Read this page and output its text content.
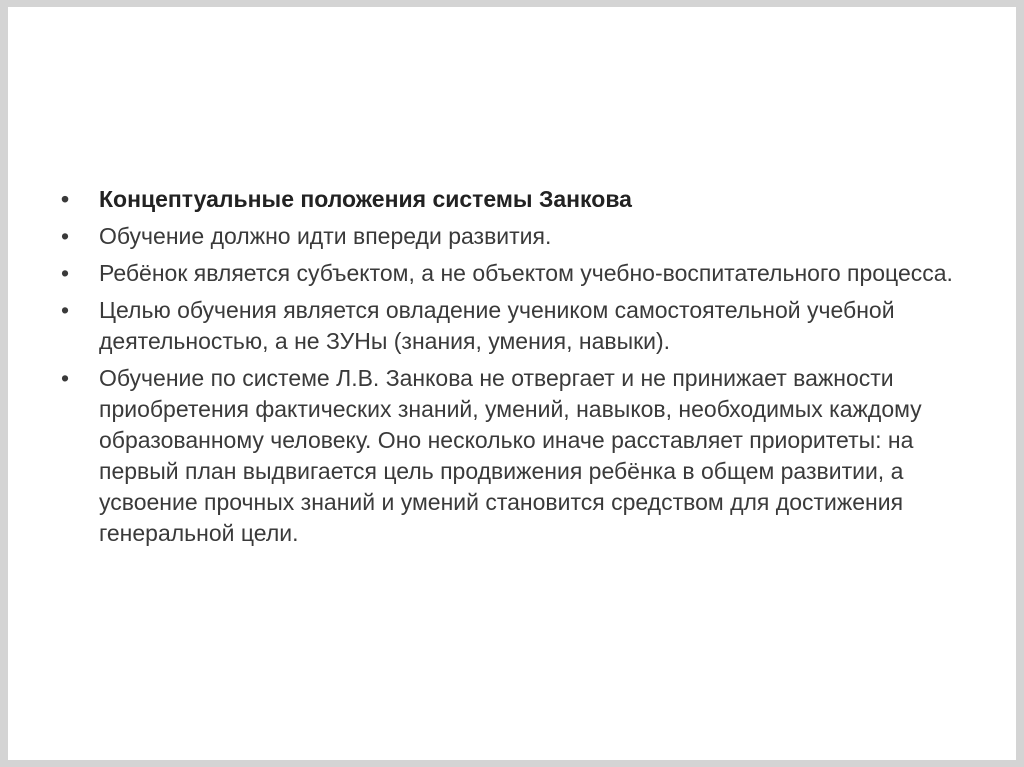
• Концептуальные положения системы Занкова
• Обучение должно идти впереди развития.
• Ребёнок является субъектом, а не объектом учебно-воспитательного процесса.
• Целью обучения является овладение учеником самостоятельной учебной деятельностью, а не ЗУНы (знания, умения, навыки).
• Обучение по системе Л.В. Занкова не отвергает и не принижает важности приобретения фактических знаний, умений, навыков, необходимых каждому образованному человеку. Оно несколько иначе расставляет приоритеты: на первый план выдвигается цель продвижения ребёнка в общем развитии, а усвоение прочных знаний и умений становится средством для достижения генеральной цели.
